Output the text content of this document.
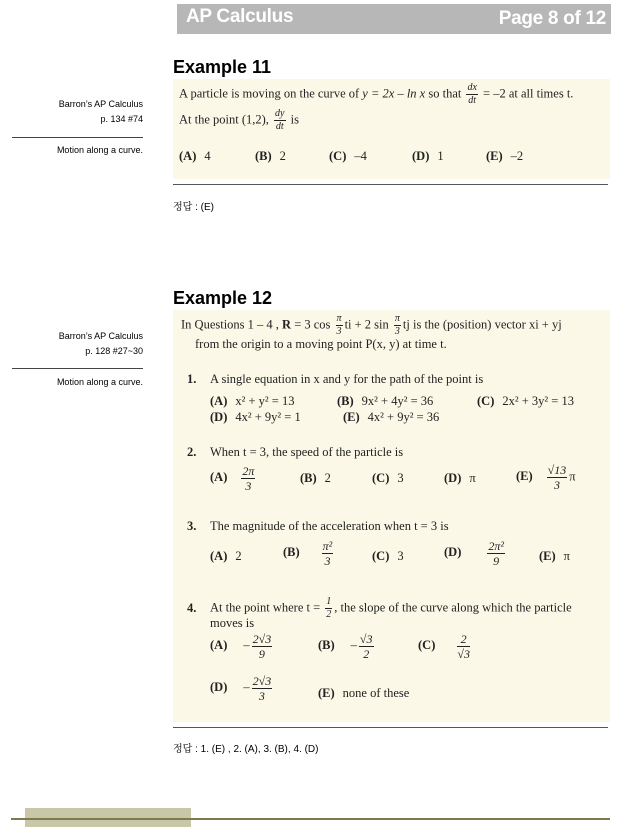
AP Calculus	Page 8 of 12
Example 11
Barron’s AP Calculus
p. 134 #74
Motion along a curve.
A particle is moving on the curve of y = 2x – ln x so that $\frac{dx}{dt} = -2$ at all times t.
At the point (1,2), $\frac{dy}{dt}$ is
(A) 4	(B) 2	(C) –4	(D) 1	(E) –2
정답 : (E)
Example 12
Barron’s AP Calculus
p. 128 #27~30
Motion along a curve.
In Questions 1 – 4 , R = 3 $\cos \frac{\pi}{3}$ ti + 2 $\sin \frac{\pi}{3}$ tj is the (position) vector xi + yj
from the origin to a moving point P(x, y) at time t.
1. A single equation in x and y for the path of the point is
(A) x² + y² = 13	(B) 9x² + 4y² = 36	(C) 2x² + 3y² = 13
(D) 4x² + 9y² = 1	(E) 4x² + 9y² = 36
2. When t = 3, the speed of the particle is
$(A) \frac{2\pi}{3}$	(B) 2	(C) 3	(D) π	$(E) \frac{√13}{3}$ π
3. The magnitude of the acceleration when t = 3 is
(A) 2	$(B) \frac{\text{π²}}{3}$	(C) 3	$(D) \frac{\text{2π²}}{9}$	(E) π
4. At the point where $t = \frac{1}{2}$ , the slope of the curve along which the particle
moves is
$(A) - \frac{2√3}{9}$	$(B) - \frac{√3}{2}$	$(C) \frac{2}{√3}$
$(D) - \frac{2√3}{3}$	(E) none of these
정답 : 1. (E) , 2. (A), 3. (B), 4. (D)
